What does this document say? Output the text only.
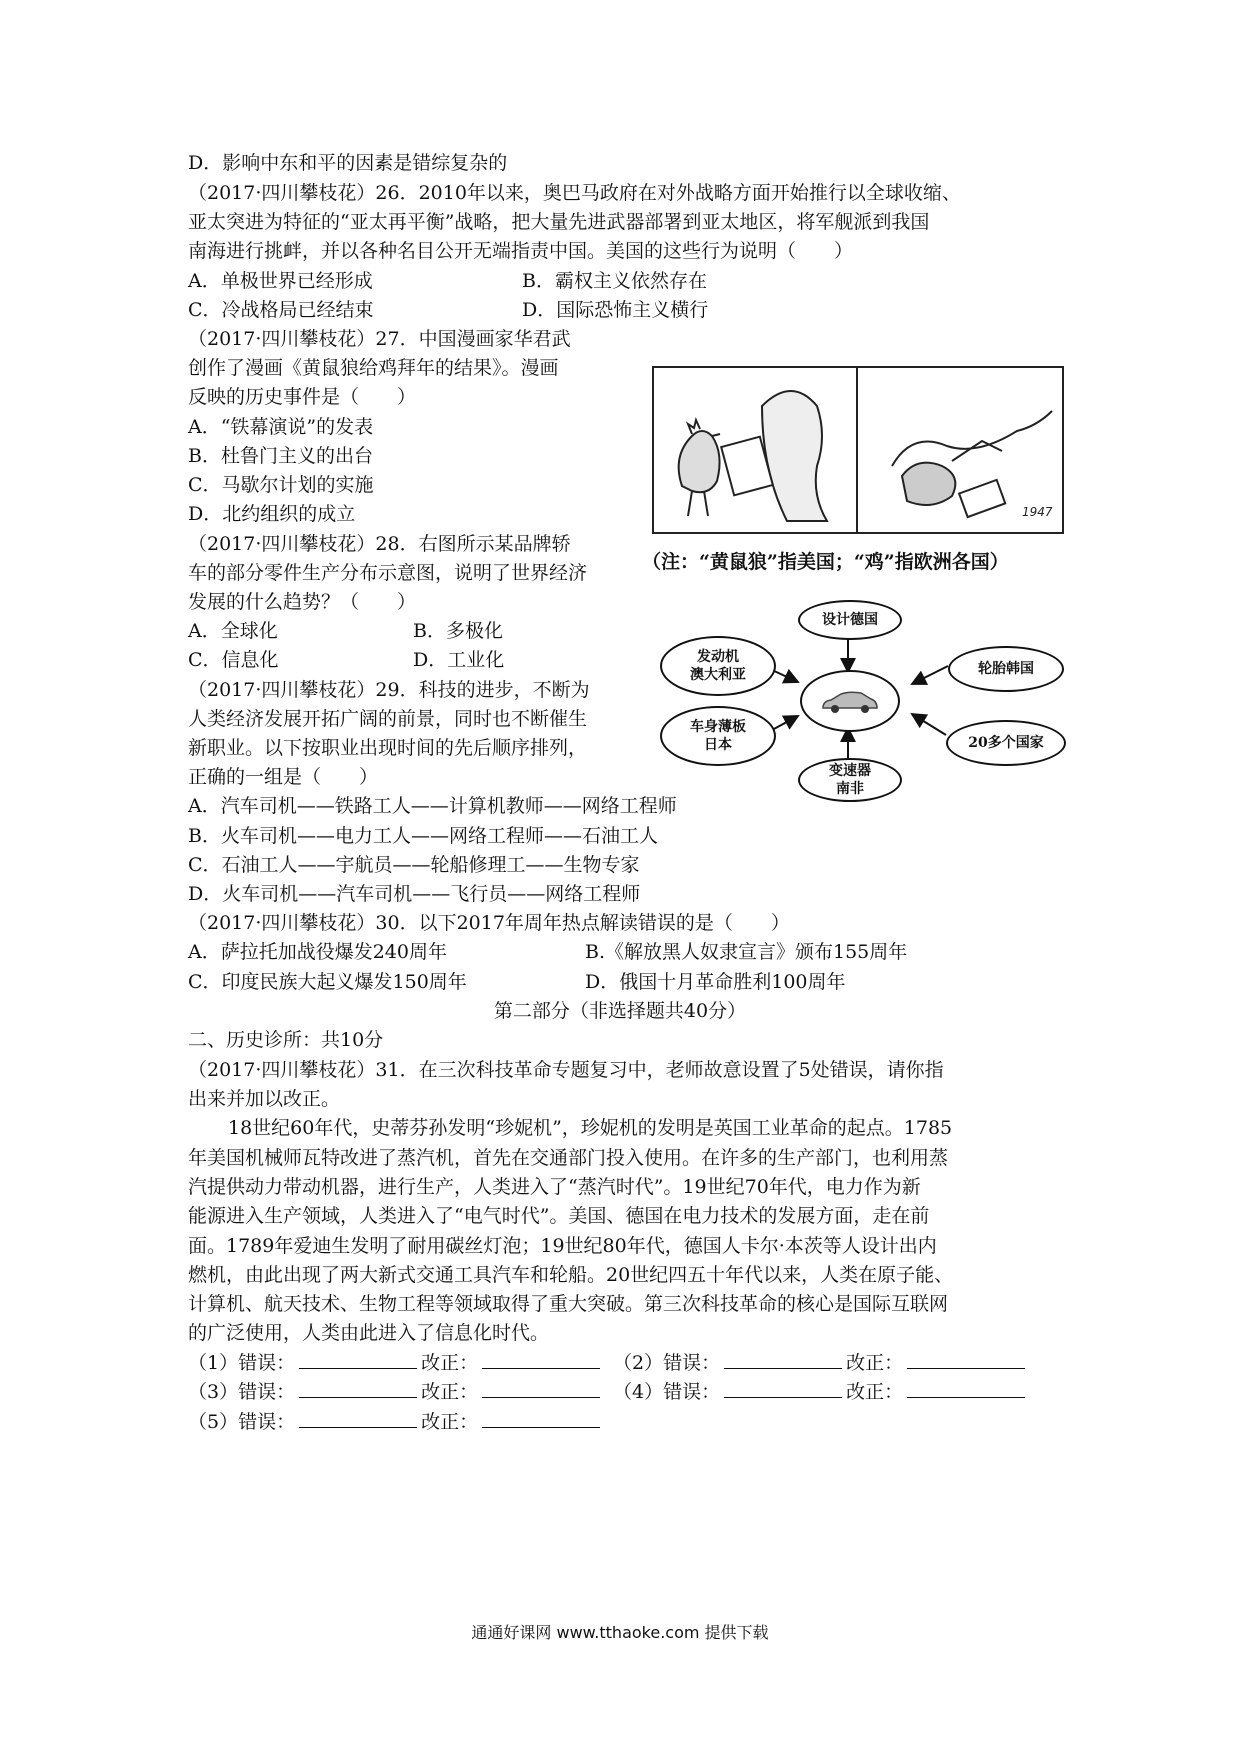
D．影响中东和平的因素是错综复杂的
（2017·四川攀枝花）26．2010年以来，奥巴马政府在对外战略方面开始推行以全球收缩、
亚太突进为特征的“亚太再平衡”战略，把大量先进武器部署到亚太地区，将军舰派到我国
南海进行挑衅，并以各种名目公开无端指责中国。美国的这些行为说明（　　）
A．单极世界已经形成	B．霸权主义依然存在
C．冷战格局已经结束	D．国际恐怖主义横行
（2017·四川攀枝花）27．中国漫画家华君武
创作了漫画《黄鼠狼给鸡拜年的结果》。漫画
反映的历史事件是（　　）
A．“铁幕演说”的发表
B．杜鲁门主义的出台
C．马歇尔计划的实施
D．北约组织的成立
（2017·四川攀枝花）28．右图所示某品牌轿
车的部分零件生产分布示意图，说明了世界经济
发展的什么趋势？（　　）
A．全球化	B．多极化
C．信息化	D．工业化
（2017·四川攀枝花）29．科技的进步，不断为
人类经济发展开拓广阔的前景，同时也不断催生
新职业。以下按职业出现时间的先后顺序排列，
正确的一组是（　　）
A．汽车司机——铁路工人——计算机教师——网络工程师
B．火车司机——电力工人——网络工程师——石油工人
C．石油工人——宇航员——轮船修理工——生物专家
D．火车司机——汽车司机——飞行员——网络工程师
（2017·四川攀枝花）30．以下2017年周年热点解读错误的是（　　）
A．萨拉托加战役爆发240周年	B.《解放黑人奴隶宣言》颁布155周年
C．印度民族大起义爆发150周年	D．俄国十月革命胜利100周年
第二部分（非选择题共40分）
二、历史诊所：共10分
（2017·四川攀枝花）31．在三次科技革命专题复习中，老师故意设置了5处错误，请你指
出来并加以改正。
18世纪60年代，史蒂芬孙发明“珍妮机”，珍妮机的发明是英国工业革命的起点。1785
年美国机械师瓦特改进了蒸汽机，首先在交通部门投入使用。在许多的生产部门，也利用蒸
汽提供动力带动机器，进行生产，人类进入了“蒸汽时代”。19世纪70年代，电力作为新
能源进入生产领域，人类进入了“电气时代”。美国、德国在电力技术的发展方面，走在前
面。1789年爱迪生发明了耐用碳丝灯泡；19世纪80年代，德国人卡尔·本茨等人设计出内
燃机，由此出现了两大新式交通工具汽车和轮船。20世纪四五十年代以来，人类在原子能、
计算机、航天技术、生物工程等领域取得了重大突破。第三次科技革命的核心是国际互联网
的广泛使用，人类由此进入了信息化时代。
（1）错误：	改正：	（2）错误：	改正：
（3）错误：	改正：	（4）错误：	改正：
（5）错误：	改正：
1947
（注：“黄鼠狼”指美国；“鸡”指欧洲各国）
设计德国
发动机
澳大利亚
车身薄板
日本
轮胎韩国
20多个国家
变速器
南非
通通好课网 www.tthaoke.com 提供下载
